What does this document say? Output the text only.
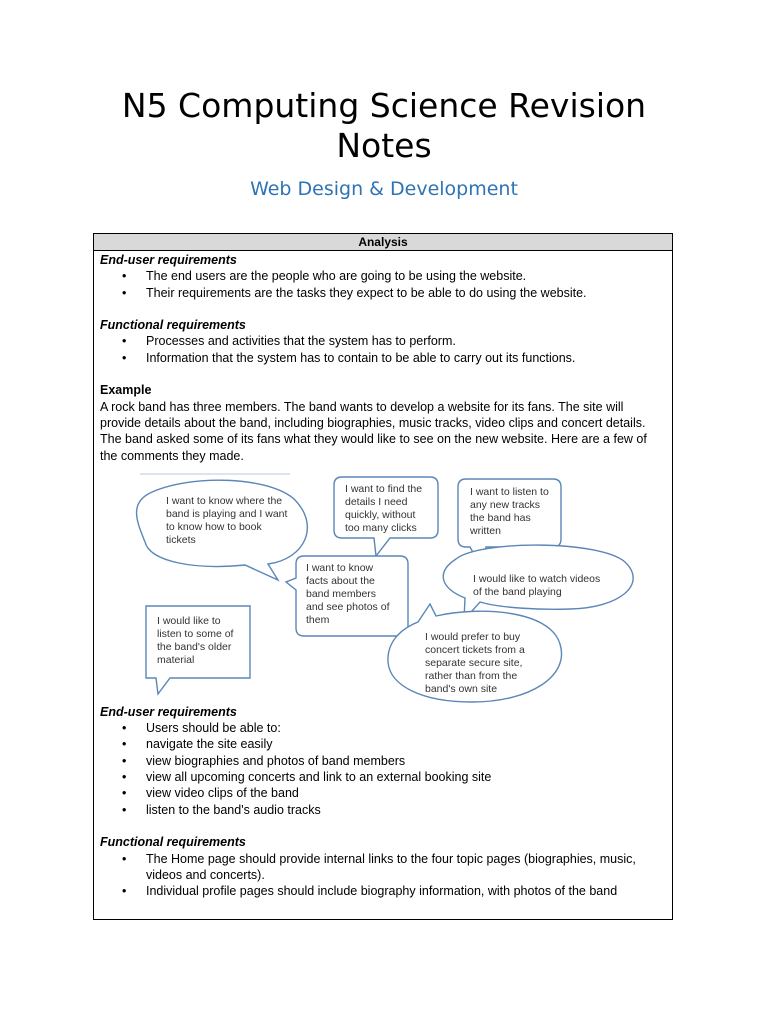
N5 Computing Science Revision
Notes
Web Design & Development
Analysis
End-user requirements
• The end users are the people who are going to be using the website.
• Their requirements are the tasks they expect to be able to do using the website.
Functional requirements
• Processes and activities that the system has to perform.
• Information that the system has to contain to be able to carry out its functions.
Example

A rock band has three members. The band wants to develop a website for its fans. The site will provide details about the band, including biographies, music tracks, video clips and concert details.

The band asked some of its fans what they would like to see on the new website. Here are a few of the comments they made.

I want to know where the band is playing and I want to know how to book tickets
I want to find the details I need quickly, without too many clicks
I want to listen to any new tracks the band has written
I want to know facts about the band members and see photos of them
I would like to watch videos of the band playing
I would like to listen to some of the band's older material
I would prefer to buy concert tickets from a separate secure site, rather than from the band's own site
End-user requirements
• Users should be able to:
• navigate the site easily
• view biographies and photos of band members
• view all upcoming concerts and link to an external booking site
• view video clips of the band
• listen to the band's audio tracks
Functional requirements
• The Home page should provide internal links to the four topic pages (biographies, music, videos and concerts).
• Individual profile pages should include biography information, with photos of the band
